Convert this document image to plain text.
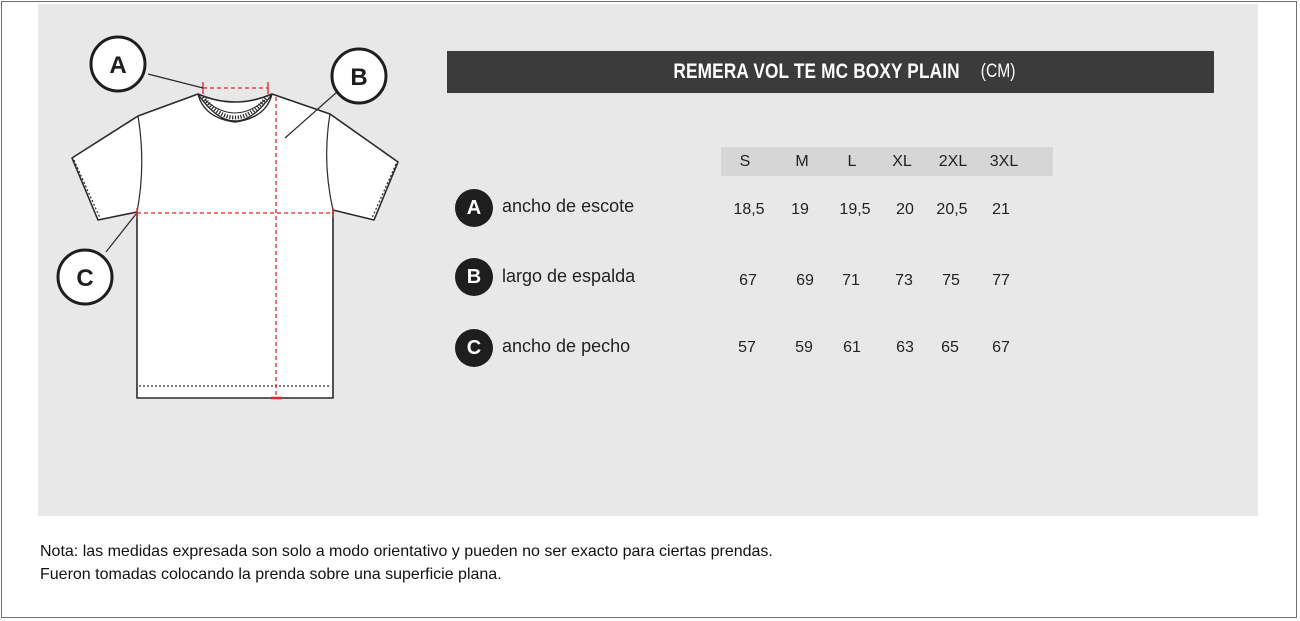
A	B
C
REMERA VOL TE MC BOXY PLAIN (CM)
S	M L XL 2XL 3XL
A	ancho de escote	18,5 19 19,5 20 20,5 21
B	largo de espalda	67 69 71 73 75 77
C	ancho de pecho	57 59 61 63 65 67
Nota: las medidas expresada son solo a modo orientativo y pueden no ser exacto para ciertas prendas.
Fueron tomadas colocando la prenda sobre una superficie plana.
